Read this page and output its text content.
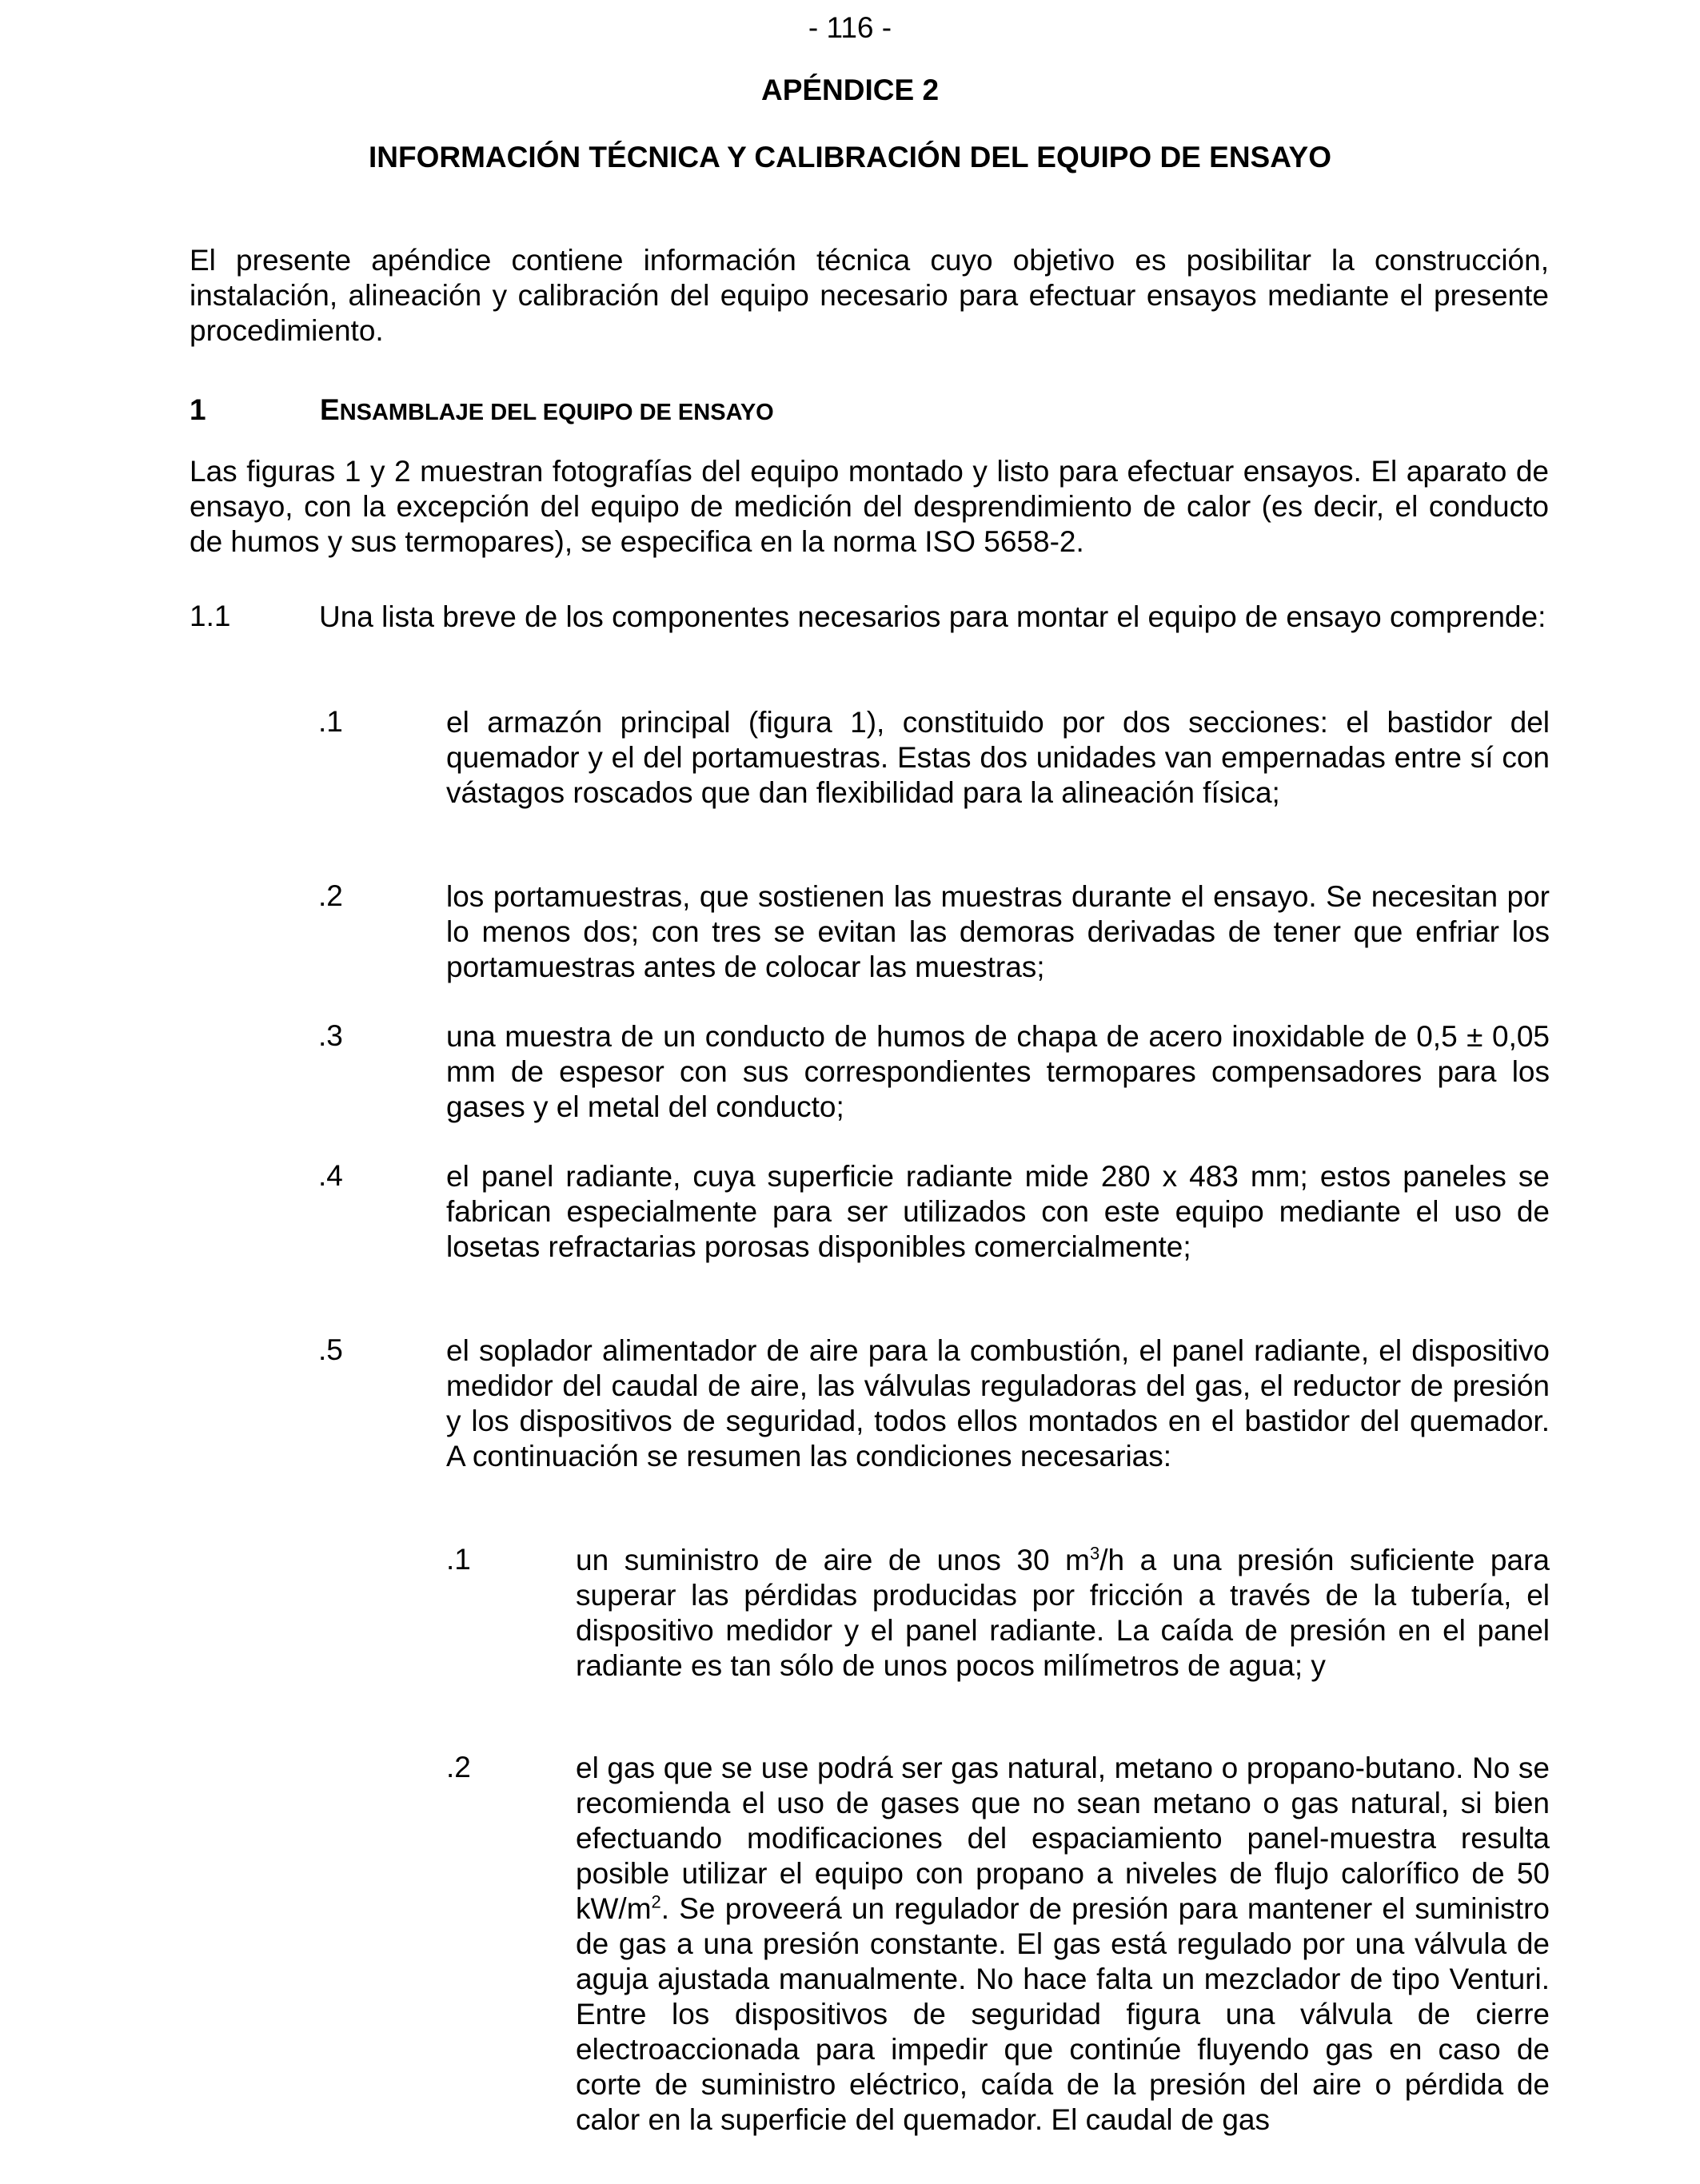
- 116 -
APÉNDICE 2
INFORMACIÓN TÉCNICA Y CALIBRACIÓN DEL EQUIPO DE ENSAYO

El presente apéndice contiene información técnica cuyo objetivo es posibilitar la construcción, instalación, alineación y calibración del equipo necesario para efectuar ensayos mediante el presente procedimiento.

1	ENSAMBLAJE DEL EQUIPO DE ENSAYO

Las figuras 1 y 2 muestran fotografías del equipo montado y listo para efectuar ensayos. El aparato de ensayo, con la excepción del equipo de medición del desprendimiento de calor (es decir, el conducto de humos y sus termopares), se especifica en la norma ISO 5658-2.

1.1	Una lista breve de los componentes necesarios para montar el equipo de ensayo comprende:

.1	el armazón principal (figura 1), constituido por dos secciones: el bastidor del quemador y el del portamuestras. Estas dos unidades van empernadas entre sí con vástagos roscados que dan flexibilidad para la alineación física;

.2	los portamuestras, que sostienen las muestras durante el ensayo. Se necesitan por lo menos dos; con tres se evitan las demoras derivadas de tener que enfriar los portamuestras antes de colocar las muestras;

.3	una muestra de un conducto de humos de chapa de acero inoxidable de 0,5 ± 0,05 mm de espesor con sus correspondientes termopares compensadores para los gases y el metal del conducto;

.4	el panel radiante, cuya superficie radiante mide 280 x 483 mm; estos paneles se fabrican especialmente para ser utilizados con este equipo mediante el uso de losetas refractarias porosas disponibles comercialmente;

.5	el soplador alimentador de aire para la combustión, el panel radiante, el dispositivo medidor del caudal de aire, las válvulas reguladoras del gas, el reductor de presión y los dispositivos de seguridad, todos ellos montados en el bastidor del quemador. A continuación se resumen las condiciones necesarias:

.1	un suministro de aire de unos 30 $m^3/h$ a una presión suficiente para superar las pérdidas producidas por fricción a través de la tubería, el dispositivo medidor y el panel radiante. La caída de presión en el panel radiante es tan sólo de unos pocos milímetros de agua; y

.2	el gas que se use podrá ser gas natural, metano o propano-butano. No se recomienda el uso de gases que no sean metano o gas natural, si bien efectuando modificaciones del espaciamiento panel-muestra resulta posible utilizar el equipo con propano a niveles de flujo calorífico de 50 $kW/m^2$. Se proveerá un regulador de presión para mantener el suministro de gas a una presión constante. El gas está regulado por una válvula de aguja ajustada manualmente. No hace falta un mezclador de tipo Venturi. Entre los dispositivos de seguridad figura una válvula de cierre electroaccionada para impedir que continúe fluyendo gas en caso de corte de suministro eléctrico, caída de la presión del aire o pérdida de calor en la superficie del quemador. El caudal de gas
